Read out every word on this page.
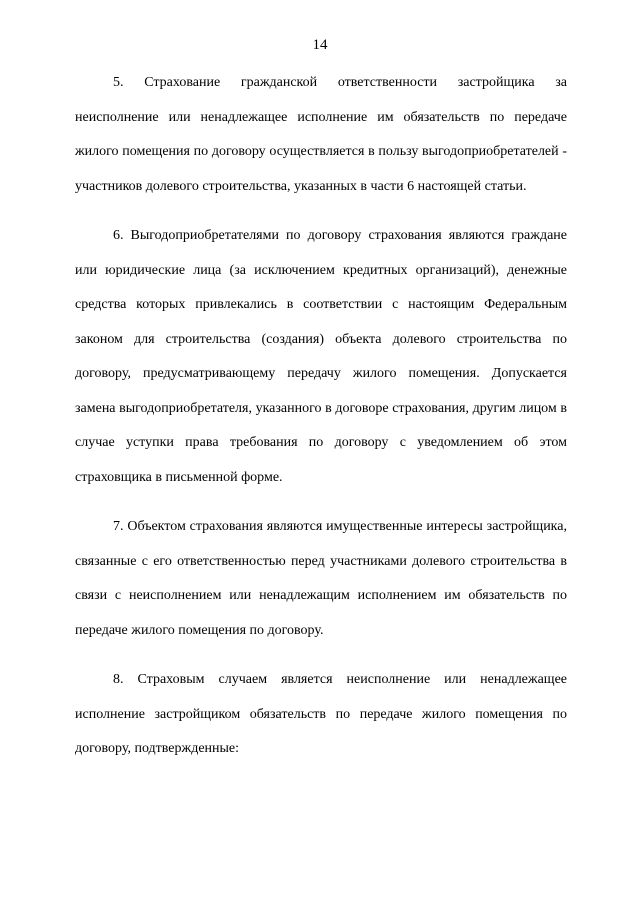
14

5. Страхование гражданской ответственности застройщика за неисполнение или ненадлежащее исполнение им обязательств по передаче жилого помещения по договору осуществляется в пользу выгодоприобретателей - участников долевого строительства, указанных в части 6 настоящей статьи.

6. Выгодоприобретателями по договору страхования являются граждане или юридические лица (за исключением кредитных организаций), денежные средства которых привлекались в соответствии с настоящим Федеральным законом для строительства (создания) объекта долевого строительства по договору, предусматривающему передачу жилого помещения. Допускается замена выгодоприобретателя, указанного в договоре страхования, другим лицом в случае уступки права требования по договору с уведомлением об этом страховщика в письменной форме.

7. Объектом страхования являются имущественные интересы застройщика, связанные с его ответственностью перед участниками долевого строительства в связи с неисполнением или ненадлежащим исполнением им обязательств по передаче жилого помещения по договору.

8. Страховым случаем является неисполнение или ненадлежащее исполнение застройщиком обязательств по передаче жилого помещения по договору, подтвержденные:
